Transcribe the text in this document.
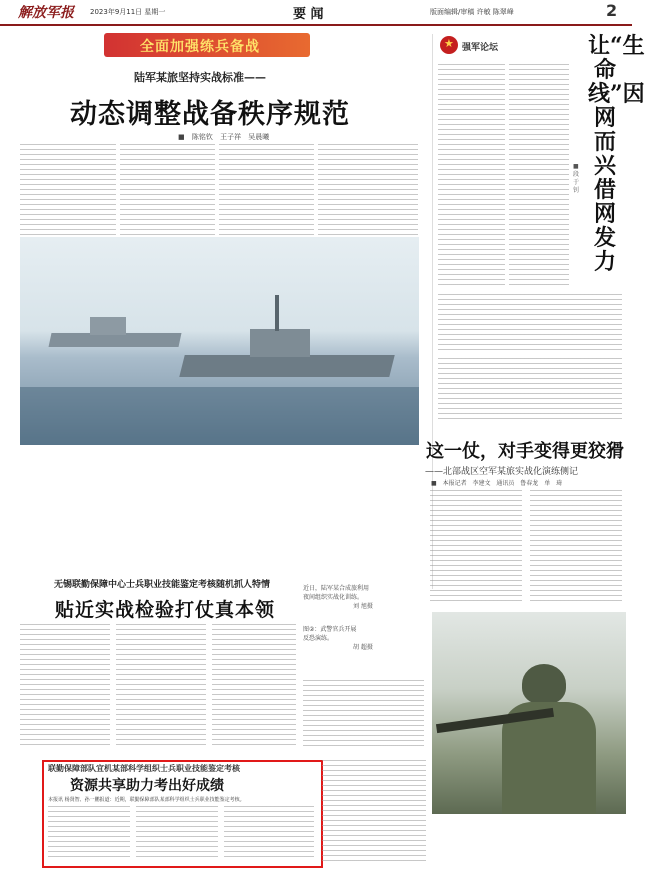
解放军报 2023年9月11日 星期一	要 闻	版面编辑/审稿 许敏 陈翠峰	2
全面加强练兵备战
陆军某旅坚持实战标准——
动态调整战备秩序规范
■ 陈铭钦 王子祥 吴晨曦
★ 强军论坛	让“生命线”因网而兴借网发力
■ 段于钊
这一仗，对手变得更狡猾
——北部战区空军某旅实战化演练侧记
■ 本报记者 李建文 通讯员 鲁春龙 单 琦
无锡联勤保障中心士兵职业技能鉴定考核随机抓人特情
贴近实战检验打仗真本领
近日，陆军某合成旅利用
夜间组织实战化训练。
刘 旭摄
图②：武警官兵开展
反恐演练。
胡 超摄
联勤保障部队宜机某部科学组织士兵职业技能鉴定考核
资源共享助力考出好成绩
本报讯 杨贤智、孙一鹏报道：近期，联勤保障部队某部科学组织士兵职业技能鉴定考核。
